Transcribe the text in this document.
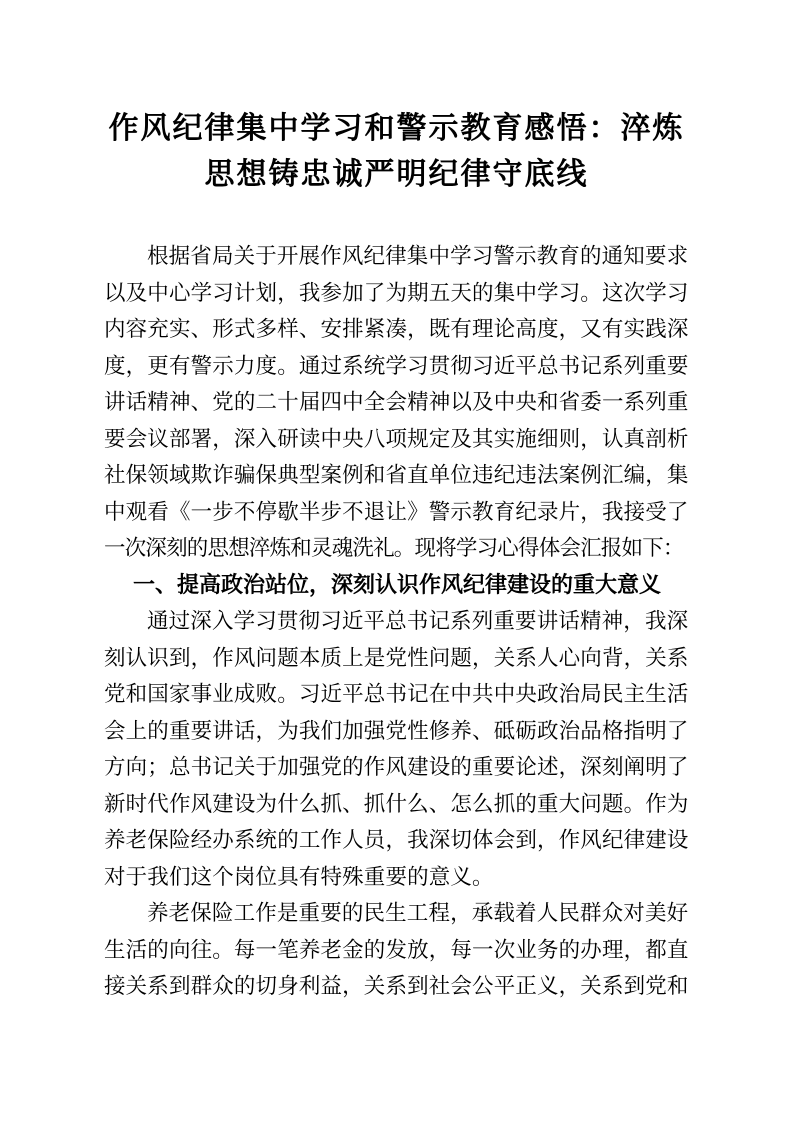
作风纪律集中学习和警示教育感悟：淬炼
思想铸忠诚严明纪律守底线
根据省局关于开展作风纪律集中学习警示教育的通知要求
以及中心学习计划，我参加了为期五天的集中学习。这次学习
内容充实、形式多样、安排紧凑，既有理论高度，又有实践深
度，更有警示力度。通过系统学习贯彻习近平总书记系列重要
讲话精神、党的二十届四中全会精神以及中央和省委一系列重
要会议部署，深入研读中央八项规定及其实施细则，认真剖析
社保领域欺诈骗保典型案例和省直单位违纪违法案例汇编，集
中观看《一步不停歇半步不退让》警示教育纪录片，我接受了
一次深刻的思想淬炼和灵魂洗礼。现将学习心得体会汇报如下：
一、提高政治站位，深刻认识作风纪律建设的重大意义
通过深入学习贯彻习近平总书记系列重要讲话精神，我深
刻认识到，作风问题本质上是党性问题，关系人心向背，关系
党和国家事业成败。习近平总书记在中共中央政治局民主生活
会上的重要讲话，为我们加强党性修养、砥砺政治品格指明了
方向；总书记关于加强党的作风建设的重要论述，深刻阐明了
新时代作风建设为什么抓、抓什么、怎么抓的重大问题。作为
养老保险经办系统的工作人员，我深切体会到，作风纪律建设
对于我们这个岗位具有特殊重要的意义。
养老保险工作是重要的民生工程，承载着人民群众对美好
生活的向往。每一笔养老金的发放，每一次业务的办理，都直
接关系到群众的切身利益，关系到社会公平正义，关系到党和
